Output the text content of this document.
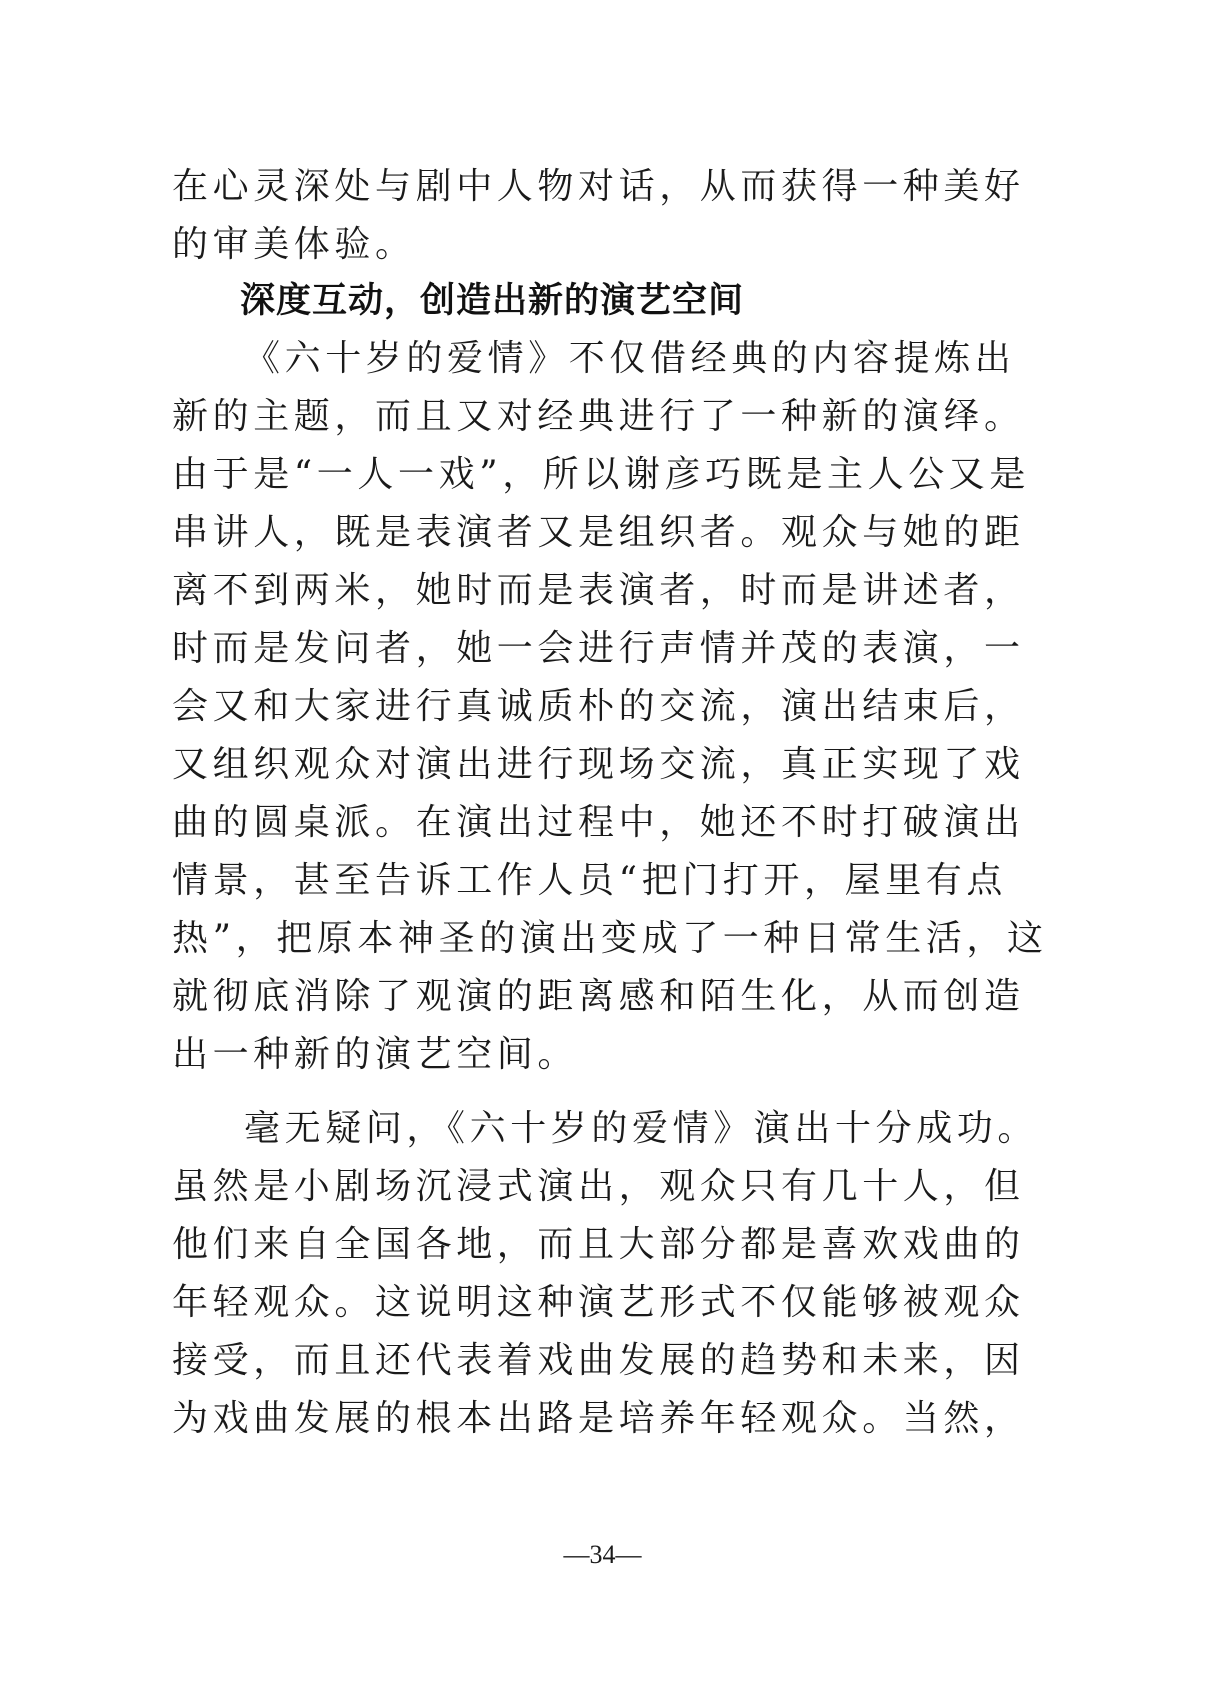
在心灵深处与剧中人物对话，从而获得一种美好
的审美体验。
深度互动，创造出新的演艺空间
《六十岁的爱情》不仅借经典的内容提炼出
新的主题，而且又对经典进行了一种新的演绎。
由于是“一人一戏”，所以谢彦巧既是主人公又是
串讲人，既是表演者又是组织者。观众与她的距
离不到两米，她时而是表演者，时而是讲述者，
时而是发问者，她一会进行声情并茂的表演，一
会又和大家进行真诚质朴的交流，演出结束后，
又组织观众对演出进行现场交流，真正实现了戏
曲的圆桌派。在演出过程中，她还不时打破演出
情景，甚至告诉工作人员“把门打开，屋里有点
热”，把原本神圣的演出变成了一种日常生活，这
就彻底消除了观演的距离感和陌生化，从而创造
出一种新的演艺空间。
毫无疑问，《六十岁的爱情》演出十分成功。
虽然是小剧场沉浸式演出，观众只有几十人，但
他们来自全国各地，而且大部分都是喜欢戏曲的
年轻观众。这说明这种演艺形式不仅能够被观众
接受，而且还代表着戏曲发展的趋势和未来，因
为戏曲发展的根本出路是培养年轻观众。当然，
—34—
